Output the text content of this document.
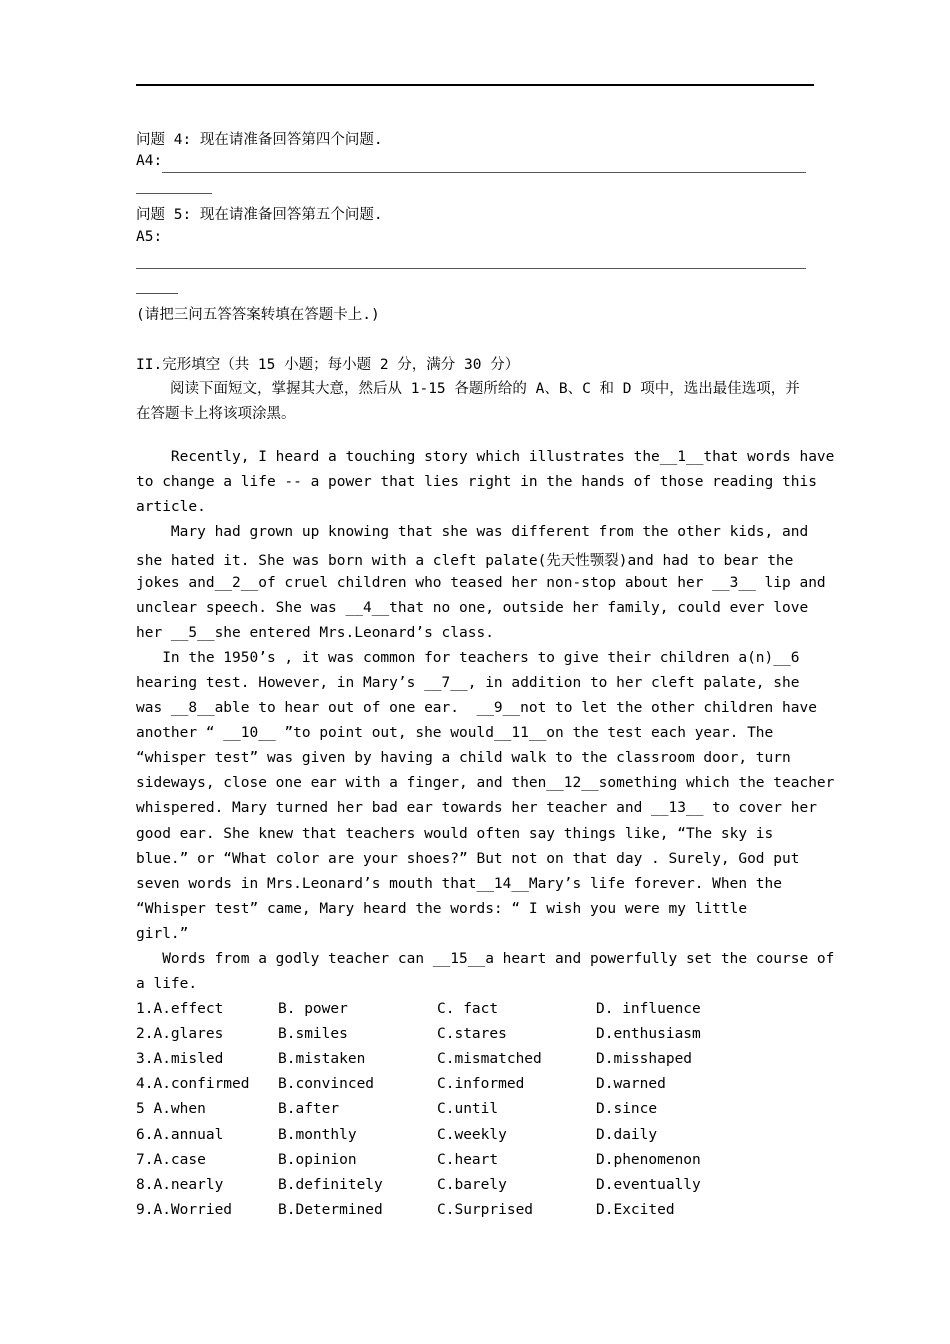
问题 4: 现在请准备回答第四个问题.
A4:
问题 5: 现在请准备回答第五个问题.
A5:
(请把三问五答答案转填在答题卡上.)
II.完形填空（共 15 小题；每小题 2 分，满分 30 分）
阅读下面短文，掌握其大意，然后从 1-15 各题所给的 A、B、C 和 D 项中，选出最佳选项，并
在答题卡上将该项涂黑。
Recently, I heard a touching story which illustrates the__1__that words have
to change a life -- a power that lies right in the hands of those reading this
article.
Mary had grown up knowing that she was different from the other kids, and
she hated it. She was born with a cleft palate(先天性颚裂)and had to bear the
jokes and__2__of cruel children who teased her non-stop about her __3__ lip and
unclear speech. She was __4__that no one, outside her family, could ever love
her __5__she entered Mrs.Leonard’s class.
In the 1950’s , it was common for teachers to give their children a(n)__6
hearing test. However, in Mary’s __7__, in addition to her cleft palate, she
was __8__able to hear out of one ear.  __9__not to let the other children have
another “ __10__ ”to point out, she would__11__on the test each year. The
“whisper test” was given by having a child walk to the classroom door, turn
sideways, close one ear with a finger, and then__12__something which the teacher
whispered. Mary turned her bad ear towards her teacher and __13__ to cover her
good ear. She knew that teachers would often say things like, “The sky is
blue.” or “What color are your shoes?” But not on that day . Surely, God put
seven words in Mrs.Leonard’s mouth that__14__Mary’s life forever. When the
“Whisper test” came, Mary heard the words: “ I wish you were my little
girl.”
Words from a godly teacher can __15__a heart and powerfully set the course of
a life.
1.A.effect	B. power	C. fact	D. influence
2.A.glares	B.smiles	C.stares	D.enthusiasm
3.A.misled	B.mistaken	C.mismatched	D.misshaped
4.A.confirmed B.convinced	C.informed	D.warned
5 A.when	B.after	C.until	D.since
6.A.annual	B.monthly	C.weekly	D.daily
7.A.case	B.opinion	C.heart	D.phenomenon
8.A.nearly	B.definitely	C.barely	D.eventually
9.A.Worried	B.Determined	C.Surprised	D.Excited
